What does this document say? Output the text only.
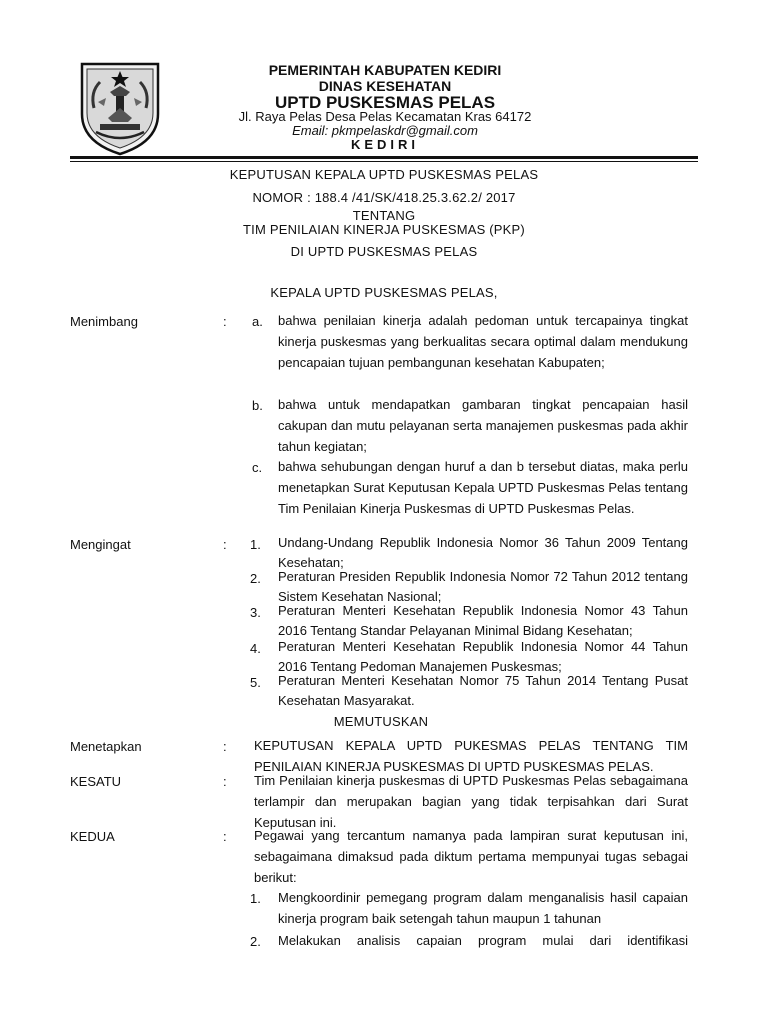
PEMERINTAH KABUPATEN KEDIRI
DINAS KESEHATAN
UPTD PUSKESMAS PELAS
Jl. Raya Pelas Desa Pelas Kecamatan Kras 64172
Email: pkmpelaskdr@gmail.com
KEDIRI
KEPUTUSAN KEPALA UPTD PUSKESMAS PELAS
NOMOR : 188.4 /41/SK/418.25.3.62.2/ 2017
TENTANG
TIM PENILAIAN KINERJA PUSKESMAS (PKP)
DI UPTD PUSKESMAS PELAS
KEPALA UPTD PUSKESMAS PELAS,
Menimbang	: a. bahwa penilaian kinerja adalah pedoman untuk tercapainya tingkat kinerja puskesmas yang berkualitas secara optimal dalam mendukung pencapaian tujuan pembangunan kesehatan Kabupaten;
b. bahwa untuk mendapatkan gambaran tingkat pencapaian hasil cakupan dan mutu pelayanan serta manajemen puskesmas pada akhir tahun kegiatan;
c. bahwa sehubungan dengan huruf a dan b tersebut diatas, maka perlu menetapkan Surat Keputusan Kepala UPTD Puskesmas Pelas tentang Tim Penilaian Kinerja Puskesmas di UPTD Puskesmas Pelas.
Mengingat	: 1. Undang-Undang Republik Indonesia Nomor 36 Tahun 2009 Tentang Kesehatan;
2. Peraturan Presiden Republik Indonesia Nomor 72 Tahun 2012 tentang Sistem Kesehatan Nasional;
3. Peraturan Menteri Kesehatan Republik Indonesia Nomor 43 Tahun 2016 Tentang Standar Pelayanan Minimal Bidang Kesehatan;
4. Peraturan Menteri Kesehatan Republik Indonesia Nomor 44 Tahun 2016 Tentang Pedoman Manajemen Puskesmas;
5. Peraturan Menteri Kesehatan Nomor 75 Tahun 2014 Tentang Pusat Kesehatan Masyarakat.
MEMUTUSKAN
Menetapkan	: KEPUTUSAN KEPALA UPTD PUKESMAS PELAS TENTANG TIM PENILAIAN KINERJA PUSKESMAS DI UPTD PUSKESMAS PELAS.
KESATU	: Tim Penilaian kinerja puskesmas di UPTD Puskesmas Pelas sebagaimana terlampir dan merupakan bagian yang tidak terpisahkan dari Surat Keputusan ini.
KEDUA	: Pegawai yang tercantum namanya pada lampiran surat keputusan ini, sebagaimana dimaksud pada diktum pertama mempunyai tugas sebagai berikut:
1. Mengkoordinir pemegang program dalam menganalisis hasil capaian kinerja program baik setengah tahun maupun 1 tahunan
2. Melakukan analisis capaian program mulai dari identifikasi
